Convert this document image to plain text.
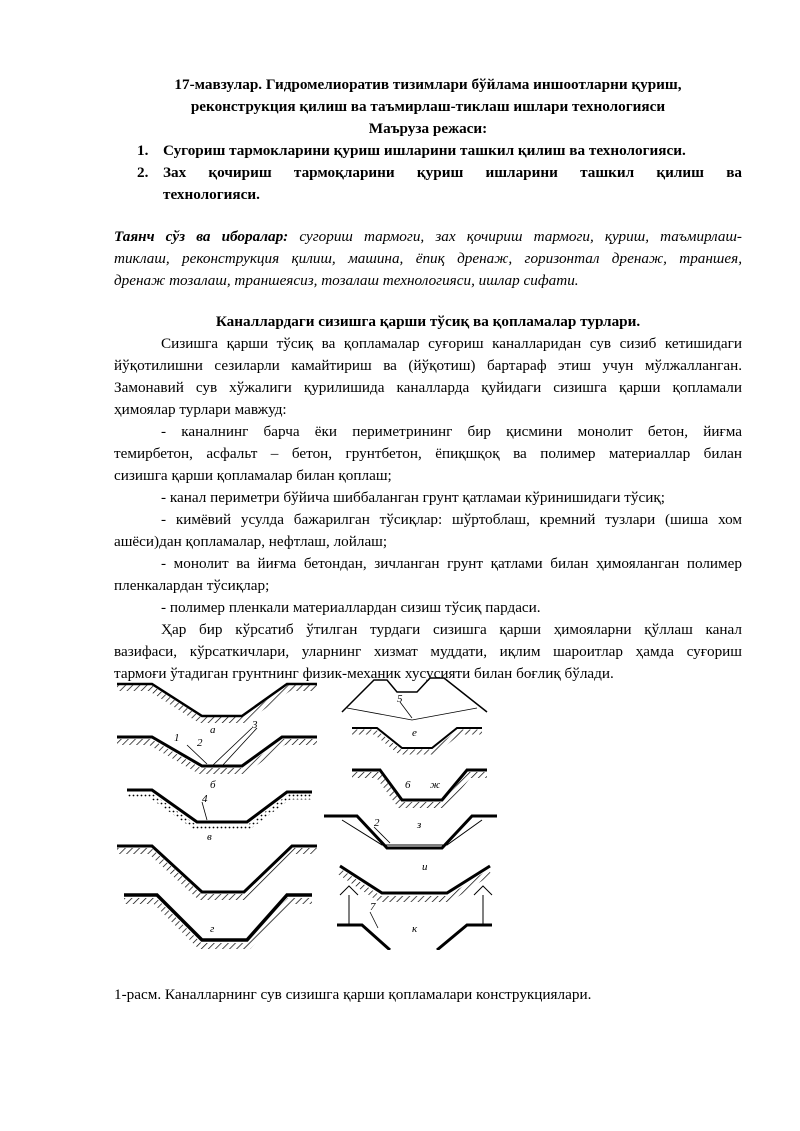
17-мавзулар. Гидромелиоратив тизимлари бўйлама иншоотларни қуриш,
реконструкция қилиш ва таъмирлаш-тиклаш ишлари технологияси
Маъруза режаси:
1. Сугориш тармокларини қуриш ишларини ташкил қилиш ва технологияси.
2. Зах қочириш тармоқларини қуриш ишларини ташкил қилиш ва
технологияси.
Таянч сўз ва иборалар: сугориш тармоги, зах қочириш тармоги, қуриш, таъмирлаш-
тиклаш, реконструкция қилиш, машина, ёпиқ дренаж, горизонтал дренаж, траншея,
дренаж тозалаш, траншеясиз, тозалаш технологияси, ишлар сифати.
Каналлардаги сизишга қарши тўсиқ ва қопламалар турлари.
Сизишга қарши тўсиқ ва қопламалар суғориш каналларидан сув сизиб кетишидаги
йўқотилишни сезиларли камайтириш ва (йўқотиш) бартараф этиш учун мўлжалланган.
Замонавий сув хўжалиги қурилишида каналларда қуйидаги сизишга қарши қопламали
ҳимоялар турлари мавжуд:
- каналнинг барча ёки периметрининг бир қисмини монолит бетон, йиғма
темирбетон, асфальт – бетон, грунтбетон, ёпиқшқоқ ва полимер материаллар билан
сизишга қарши қопламалар билан қоплаш;
- канал периметри бўйича шиббаланган грунт қатламаи кўринишидаги тўсиқ;
- кимёвий усулда бажарилган тўсиқлар: шўртоблаш, кремний тузлари (шиша хом
ашёси)дан қопламалар, нефтлаш, лойлаш;
- монолит ва йиғма бетондан, зичланган грунт қатлами билан ҳимояланган полимер
пленкалардан тўсиқлар;
- полимер пленкали материаллардан сизиш тўсиқ пардаси.
Ҳар бир кўрсатиб ўтилган турдаги сизишга қарши ҳимояларни қўллаш канал
вазифаси, кўрсаткичлари, уларнинг хизмат муддати, иқлим шароитлар ҳамда суғориш
тармоғи ўтадиган грунтнинг физик-механик хусусияти билан боғлиқ бўлади.
а
1 2
3
б
4
в
г
5
е
6 ж
2	з
и
7
к
1-расм. Каналларнинг сув сизишга қарши қопламалари конструкциялари.
